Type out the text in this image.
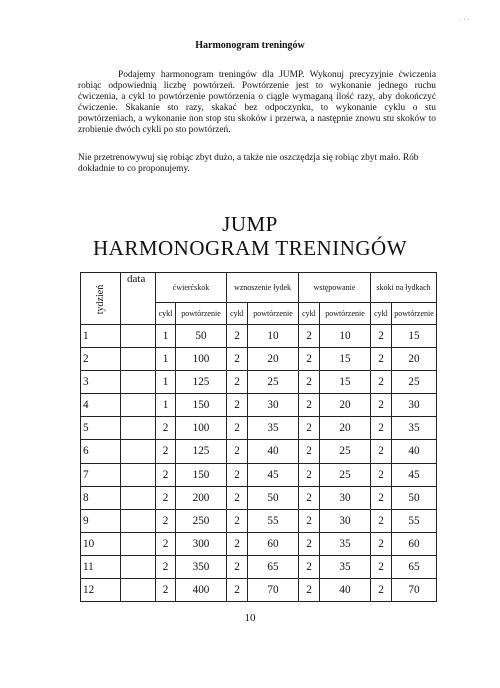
· · ·
Harmonogram treningów

Podajemy harmonogram treningów dla JUMP. Wykonuj precyzyjnie ćwiczenia robiąc odpowiednią liczbę powtórzeń. Powtórzenie jest to wykonanie jednego ruchu ćwiczenia, a cykl to powtórzenie powtórzenia o ciągle wymaganą ilość razy, aby dokończyć ćwiczenie. Skakanie sto razy, skakać bez odpoczynku, to wykonanie cyklu o stu powtórzeniach, a wykonanie non stop stu skoków i przerwa, a następnie znowu stu skoków to zrobienie dwóch cykli po sto powtórzeń.

Nie przetrenowywuj się robiąc zbyt dużo, a także nie oszczędzja się robiąc zbyt mało. Rób dokładnie to co proponujemy.

JUMP
HARMONOGRAM TRENINGÓW
tydzień	data	ćwierćskok		wznoszenie łydek		wstępowanie		skoki na łydkach	
		cykl	powtórzenie	cykl	powtórzenie	cykl	powtórzenie	cykl	powtórzenie
1		1	50	2	10	2	10	2	15
2		1	100	2	20	2	15	2	20
3		1	125	2	25	2	15	2	25
4		1	150	2	30	2	20	2	30
5		2	100	2	35	2	20	2	35
6		2	125	2	40	2	25	2	40
7		2	150	2	45	2	25	2	45
8		2	200	2	50	2	30	2	50
9		2	250	2	55	2	30	2	55
10		2	300	2	60	2	35	2	60
11		2	350	2	65	2	35	2	65
12		2	400	2	70	2	40	2	70
10
